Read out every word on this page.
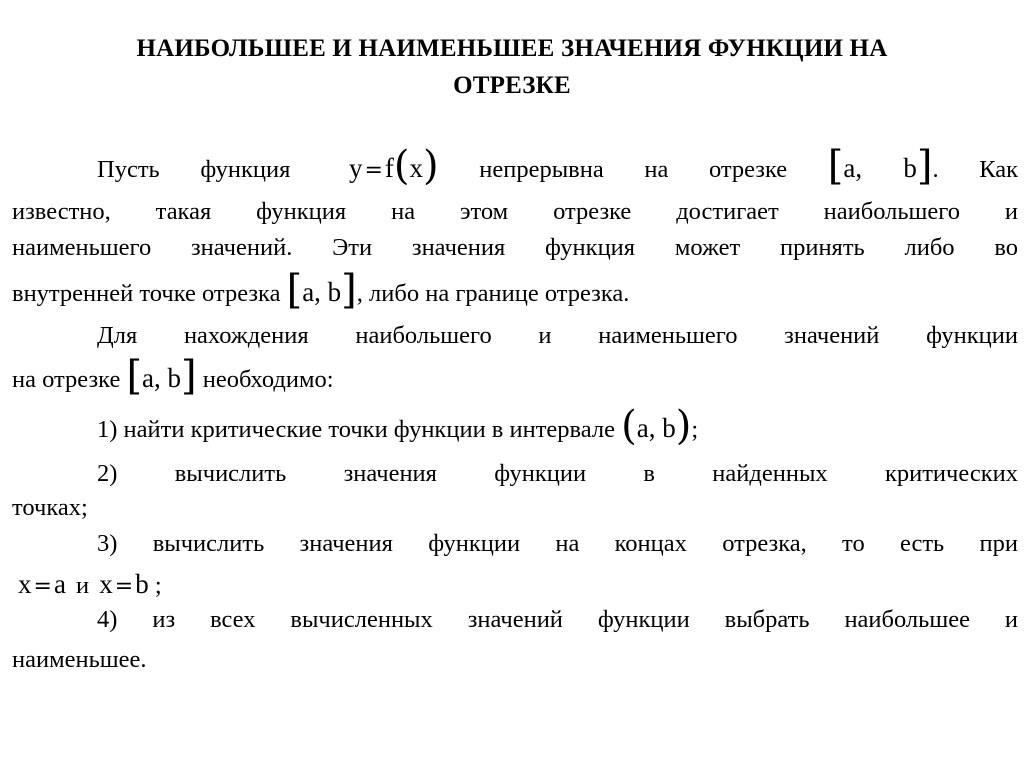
НАИБОЛЬШЕЕ И НАИМЕНЬШЕЕ ЗНАЧЕНИЯ ФУНКЦИИ НА
ОТРЕЗКЕ
Пусть функция y=f(x) непрерывна на отрезке [a, b]. Как
известно, такая функция на этом отрезке достигает наибольшего и
наименьшего значений. Эти значения функция может принять либо во
внутренней точке отрезка [a, b], либо на границе отрезка.
Для нахождения наибольшего и наименьшего значений функции
на отрезке [a, b] необходимо:
1) найти критические точки функции в интервале (a, b);
2) вычислить значения функции в найденных критических
точках;
3) вычислить значения функции на концах отрезка, то есть при
x=a и x=b ;
4) из всех вычисленных значений функции выбрать наибольшее и
наименьшее.
